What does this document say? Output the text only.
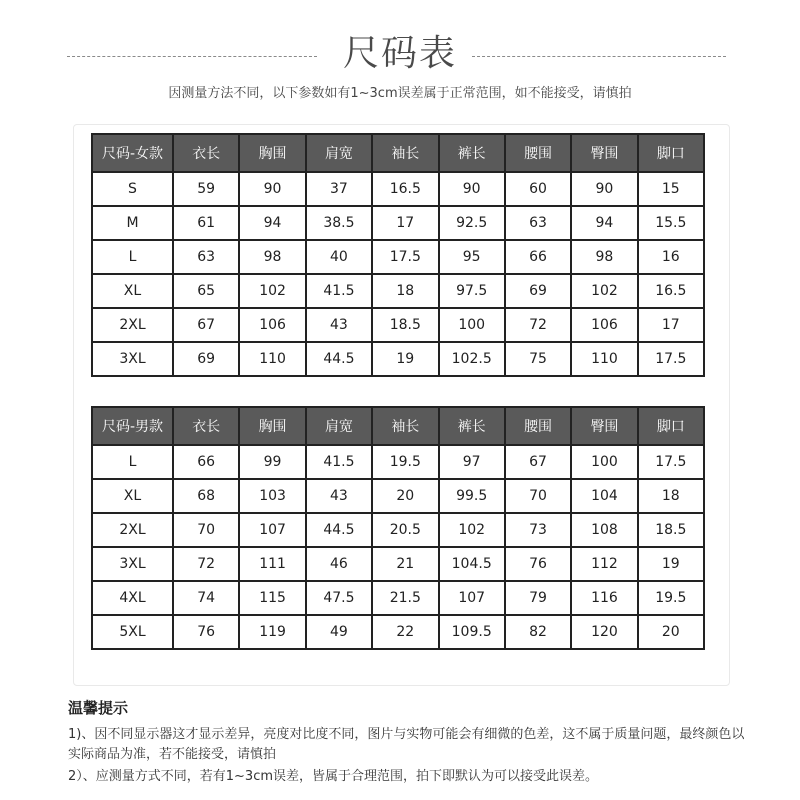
尺码表
因测量方法不同，以下参数如有1~3cm误差属于正常范围，如不能接受，请慎拍
尺码-女款	衣长	胸围	肩宽	袖长	裤长	腰围	臀围	脚口
S	59	90	37	16.5	90	60	90	15
M	61	94	38.5	17	92.5	63	94	15.5
L	63	98	40	17.5	95	66	98	16
XL	65	102	41.5	18	97.5	69	102	16.5
2XL	67	106	43	18.5	100	72	106	17
3XL	69	110	44.5	19	102.5	75	110	17.5
尺码-男款	衣长	胸围	肩宽	袖长	裤长	腰围	臀围	脚口
L	66	99	41.5	19.5	97	67	100	17.5
XL	68	103	43	20	99.5	70	104	18
2XL	70	107	44.5	20.5	102	73	108	18.5
3XL	72	111	46	21	104.5	76	112	19
4XL	74	115	47.5	21.5	107	79	116	19.5
5XL	76	119	49	22	109.5	82	120	20
温馨提示
1)、因不同显示器这才显示差异，亮度对比度不同，图片与实物可能会有细微的色差，这不属于质量问题，最终颜色以实际商品为准，若不能接受，请慎拍
2）、应测量方式不同，若有1~3cm误差，皆属于合理范围，拍下即默认为可以接受此误差。
